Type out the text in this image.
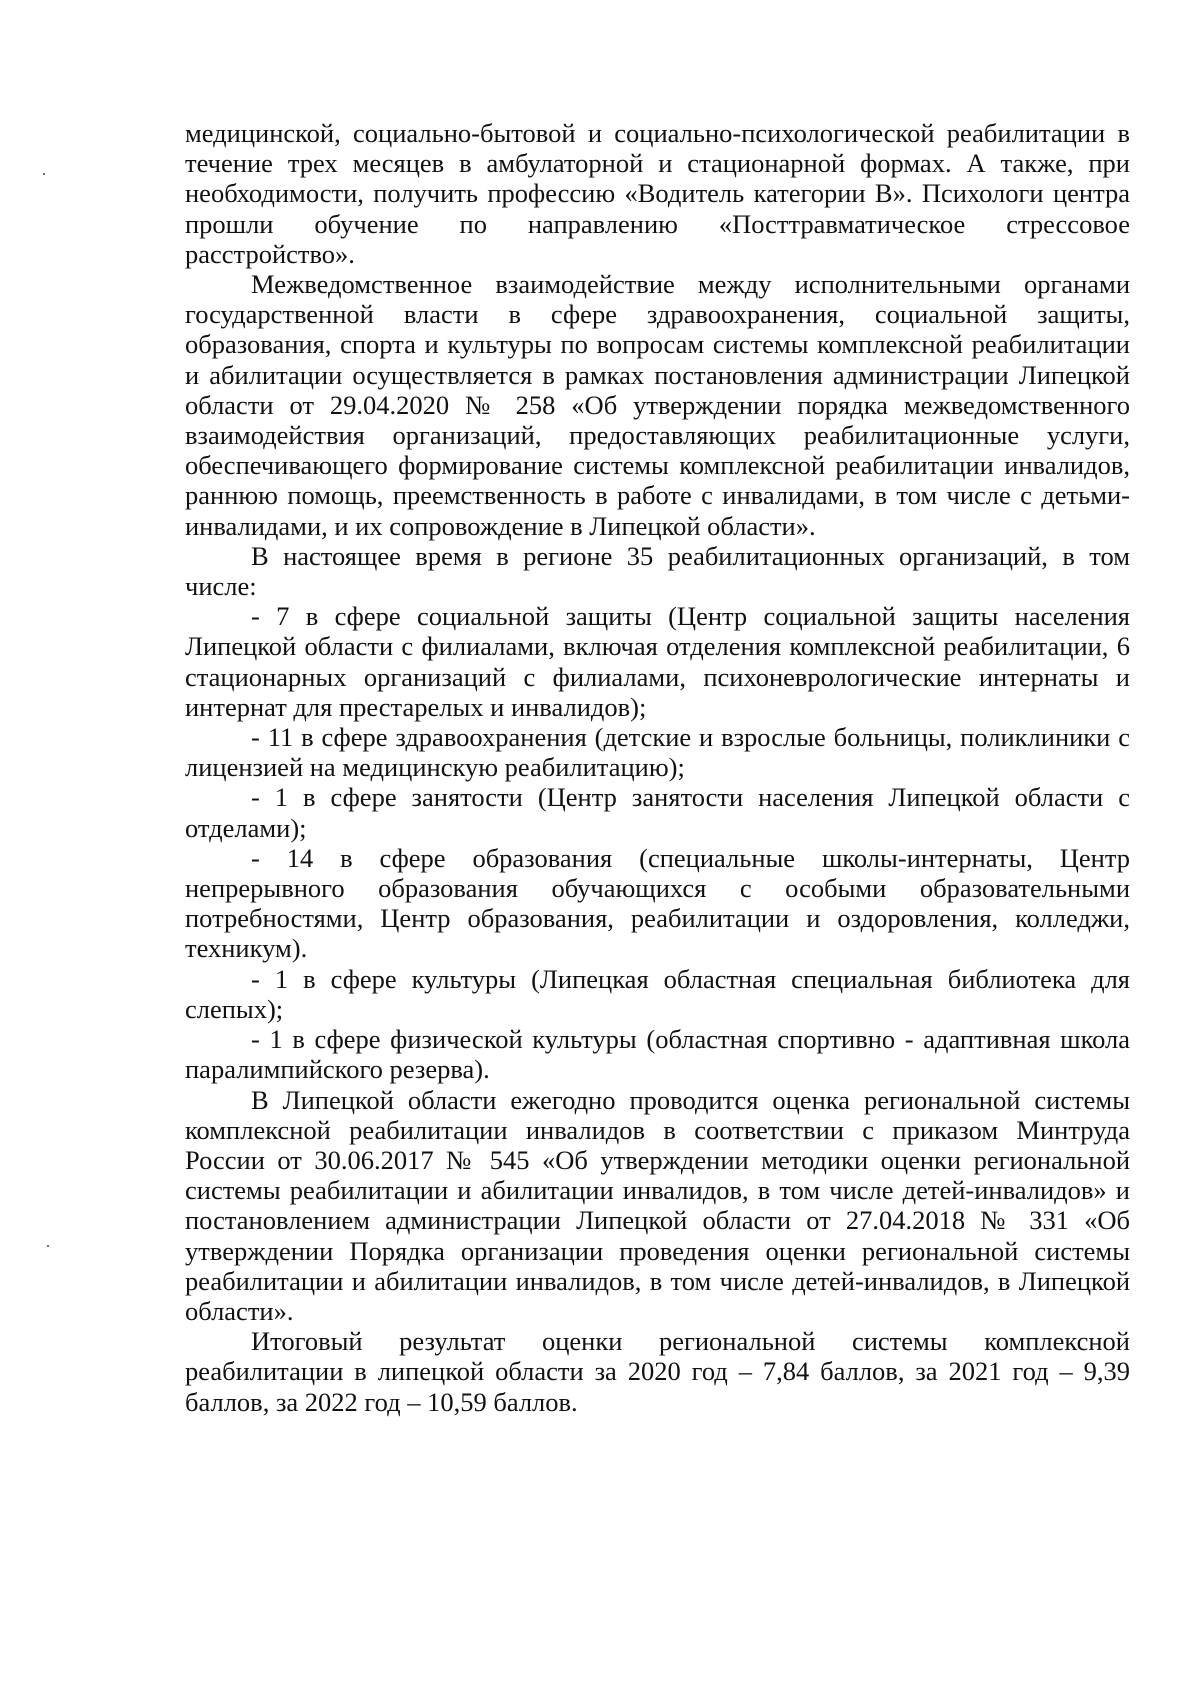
медицинской, социально-бытовой и социально-психологической реабилитации в течение трех месяцев в амбулаторной и стационарной формах. А также, при необходимости, получить профессию «Водитель категории В». Психологи центра прошли обучение по направлению «Посттравматическое стрессовое расстройство».

Межведомственное взаимодействие между исполнительными органами государственной власти в сфере здравоохранения, социальной защиты, образования, спорта и культуры по вопросам системы комплексной реабилитации и абилитации осуществляется в рамках постановления администрации Липецкой области от 29.04.2020 № 258 «Об утверждении порядка межведомственного взаимодействия организаций, предоставляющих реабилитационные услуги, обеспечивающего формирование системы комплексной реабилитации инвалидов, раннюю помощь, преемственность в работе с инвалидами, в том числе с детьми-инвалидами, и их сопровождение в Липецкой области».

В настоящее время в регионе 35 реабилитационных организаций, в том числе:

- 7 в сфере социальной защиты (Центр социальной защиты населения Липецкой области с филиалами, включая отделения комплексной реабилитации, 6 стационарных организаций с филиалами, психоневрологические интернаты и интернат для престарелых и инвалидов);

- 11 в сфере здравоохранения (детские и взрослые больницы, поликлиники с лицензией на медицинскую реабилитацию);

- 1 в сфере занятости (Центр занятости населения Липецкой области с отделами);

- 14 в сфере образования (специальные школы-интернаты, Центр непрерывного образования обучающихся с особыми образовательными потребностями, Центр образования, реабилитации и оздоровления, колледжи, техникум).

- 1 в сфере культуры (Липецкая областная специальная библиотека для слепых);

- 1 в сфере физической культуры (областная спортивно - адаптивная школа паралимпийского резерва).

В Липецкой области ежегодно проводится оценка региональной системы комплексной реабилитации инвалидов в соответствии с приказом Минтруда России от 30.06.2017 № 545 «Об утверждении методики оценки региональной системы реабилитации и абилитации инвалидов, в том числе детей-инвалидов» и постановлением администрации Липецкой области от 27.04.2018 № 331 «Об утверждении Порядка организации проведения оценки региональной системы реабилитации и абилитации инвалидов, в том числе детей-инвалидов, в Липецкой области».

Итоговый результат оценки региональной системы комплексной реабилитации в липецкой области за 2020 год – 7,84 баллов, за 2021 год – 9,39 баллов, за 2022 год – 10,59 баллов.
